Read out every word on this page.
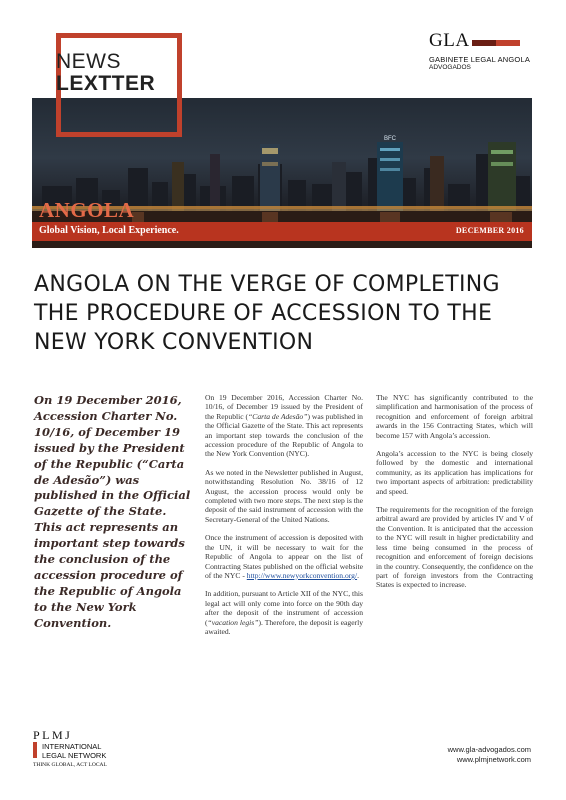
BFC
NEWS
LEXTTER
GLA
GABINETE LEGAL ANGOLA
ADVOGADOS
ANGOLA
Global Vision, Local Experience.	DECEMBER 2016
ANGOLA ON THE VERGE OF COMPLETING THE PROCEDURE OF ACCESSION TO THE NEW YORK CONVENTION
On 19 December 2016, Accession Charter No. 10/16, of December 19 issued by the President of the Republic (“Carta de Adesão”) was published in the Official Gazette of the State. This act represents an important step towards the conclusion of the accession procedure of the Republic of Angola to the New York Convention.

On 19 December 2016, Accession Charter No. 10/16, of December 19 issued by the President of the Republic (“Carta de Adesão”) was published in the Official Gazette of the State. This act represents an important step towards the conclusion of the accession procedure of the Republic of Angola to the New York Convention (NYC).

As we noted in the Newsletter published in August, notwithstanding Resolution No. 38/16 of 12 August, the accession process would only be completed with two more steps. The next step is the deposit of the said instrument of accession with the Secretary-General of the United Nations.

Once the instrument of accession is deposited with the UN, it will be necessary to wait for the Republic of Angola to appear on the list of Contracting States published on the official website of the NYC - http://www.newyorkconvention.org/.

In addition, pursuant to Article XII of the NYC, this legal act will only come into force on the 90th day after the deposit of the instrument of accession (“vacation legis”). Therefore, the deposit is eagerly awaited.

The NYC has significantly contributed to the simplification and harmonisation of the process of recognition and enforcement of foreign arbitral awards in the 156 Contracting States, which will become 157 with Angola’s accession.

Angola’s accession to the NYC is being closely followed by the domestic and international community, as its application has implications for two important aspects of arbitration: predictability and speed.

The requirements for the recognition of the foreign arbitral award are provided by articles IV and V of the Convention. It is anticipated that the accession to the NYC will result in higher predictability and less time being consumed in the process of recognition and enforcement of foreign decisions in the country. Consequently, the confidence on the part of foreign investors from the Contracting States is expected to increase.

PLMJ
INTERNATIONAL
LEGAL NETWORK
THINK GLOBAL, ACT LOCAL
www.gla-advogados.com
www.plmjnetwork.com
